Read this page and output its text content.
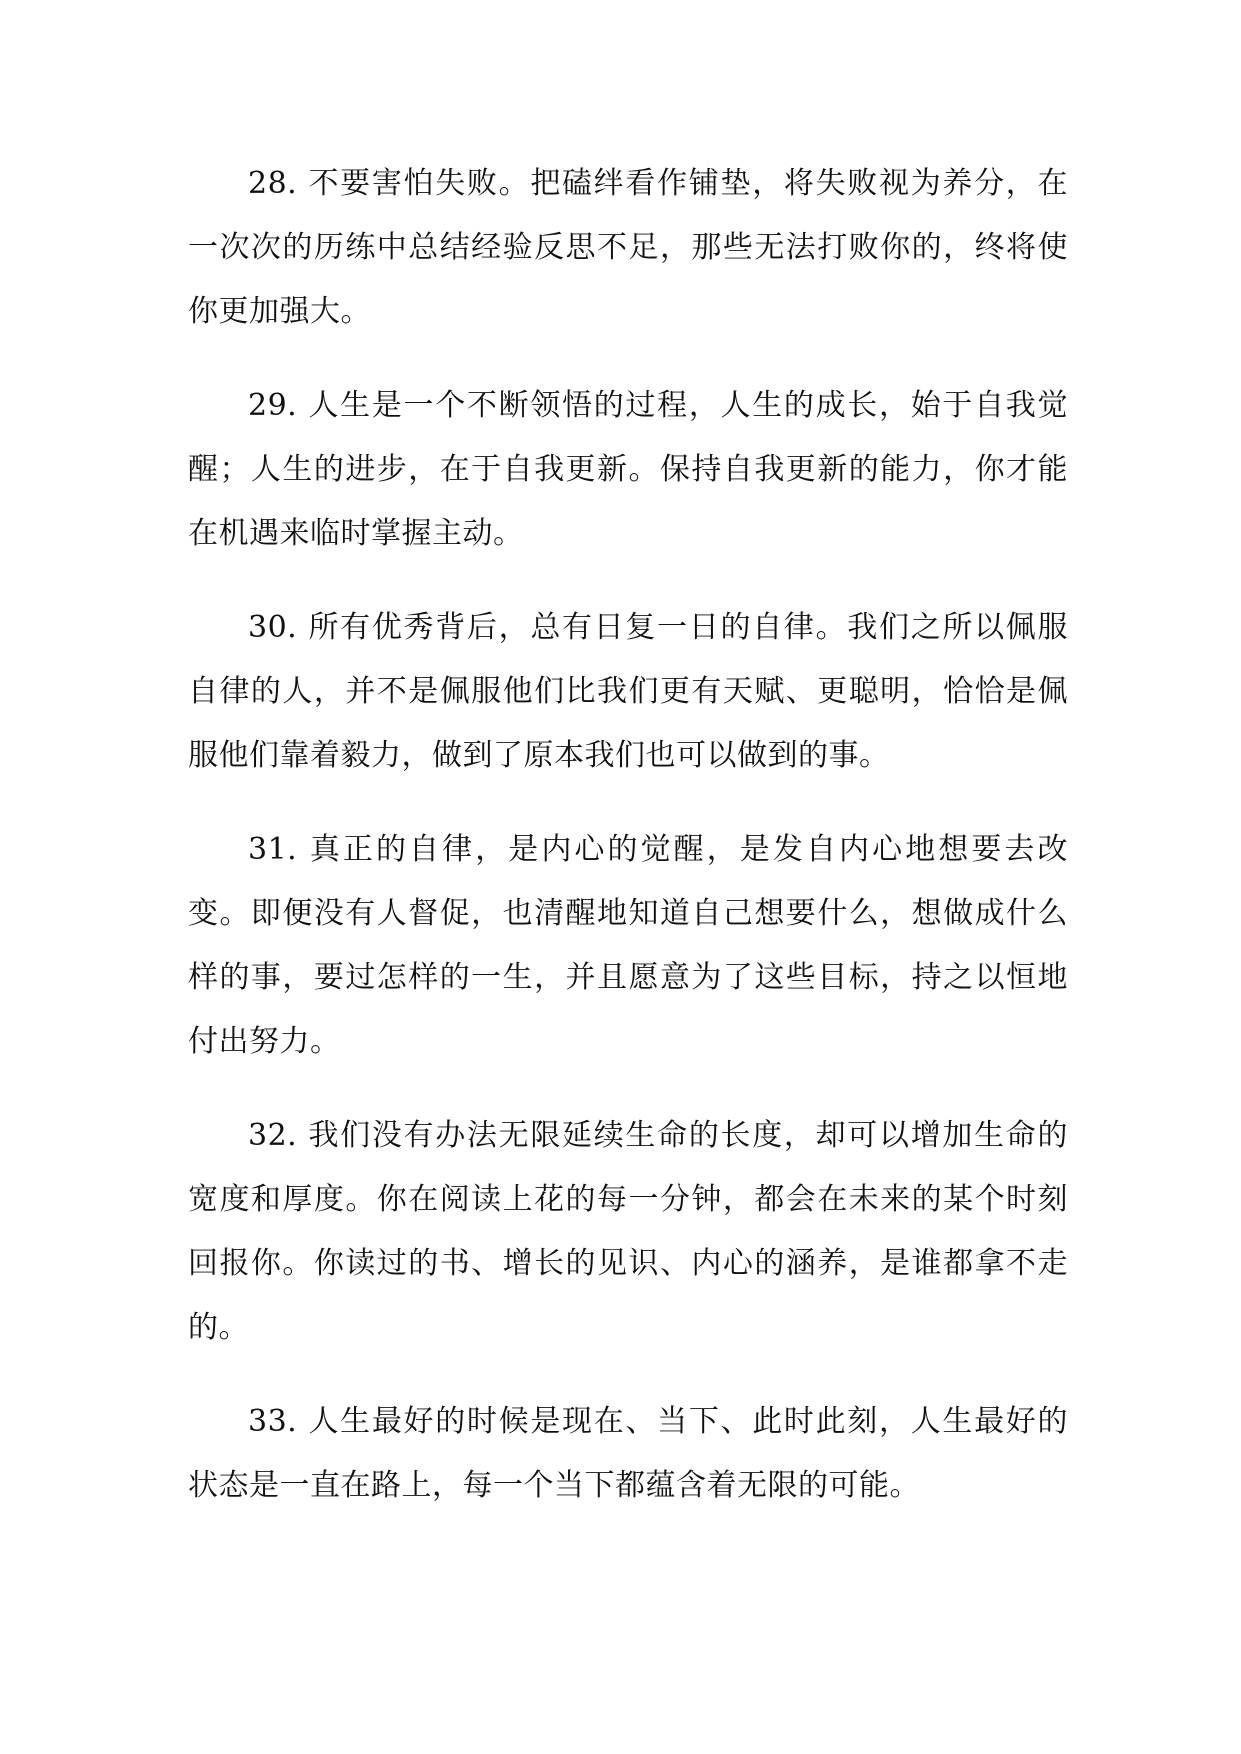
28. 不要害怕失败。把磕绊看作铺垫，将失败视为养分，在一次次的历练中总结经验反思不足，那些无法打败你的，终将使你更加强大。

29. 人生是一个不断领悟的过程，人生的成长，始于自我觉醒；人生的进步，在于自我更新。保持自我更新的能力，你才能在机遇来临时掌握主动。

30. 所有优秀背后，总有日复一日的自律。我们之所以佩服自律的人，并不是佩服他们比我们更有天赋、更聪明，恰恰是佩服他们靠着毅力，做到了原本我们也可以做到的事。

31. 真正的自律，是内心的觉醒，是发自内心地想要去改变。即便没有人督促，也清醒地知道自己想要什么，想做成什么样的事，要过怎样的一生，并且愿意为了这些目标，持之以恒地付出努力。

32. 我们没有办法无限延续生命的长度，却可以增加生命的宽度和厚度。你在阅读上花的每一分钟，都会在未来的某个时刻回报你。你读过的书、增长的见识、内心的涵养，是谁都拿不走的。

33. 人生最好的时候是现在、当下、此时此刻，人生最好的状态是一直在路上，每一个当下都蕴含着无限的可能。
